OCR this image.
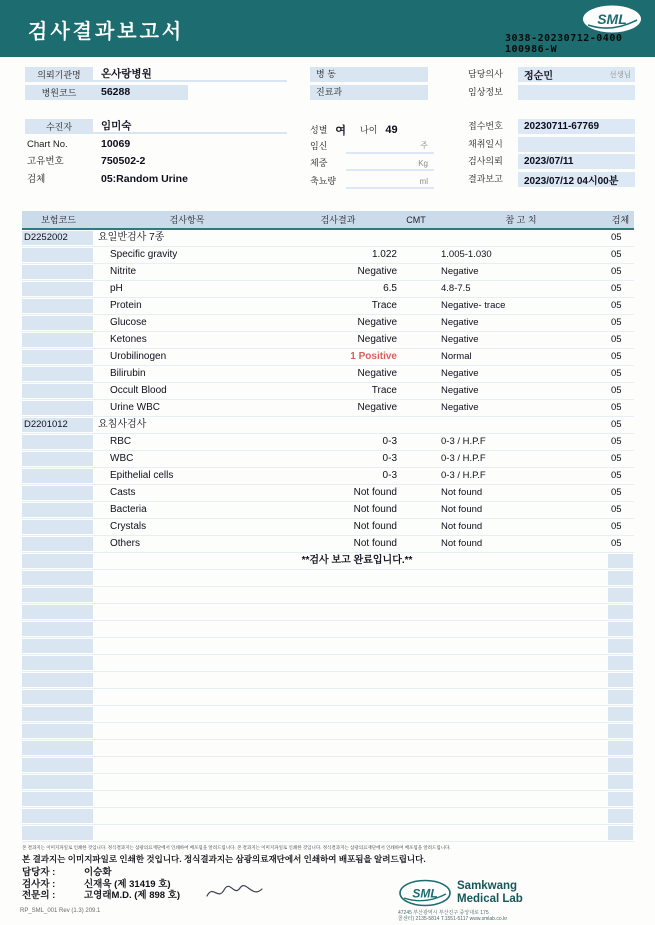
검사결과보고서
SML
3038-20230712-0400
100986-W
의뢰기관명	온사랑병원
병원코드	56288
병 동
진료과
담당의사	정순민	선생님
임상정보
수진자	임미숙
Chart No.	10069
고유번호	750502-2
검체	05:Random Urine
성별 여 나이 49
임신	주
체중	Kg
축뇨량	ml
접수번호	20230711-67769
채취일시
검사의뢰	2023/07/11
결과보고	2023/07/12 04시00분
보험코드	검사항목	검사결과	CMT	참 고 치	검체
D2252002	요일반검사 7종	05
Specific gravity	1.022	1.005-1.030	05
Nitrite	Negative	Negative	05
pH	6.5	4.8-7.5	05
Protein	Trace	Negative- trace	05
Glucose	Negative	Negative	05
Ketones	Negative	Negative	05
Urobilinogen	1 Positive	Normal	05
Bilirubin	Negative	Negative	05
Occult Blood	Trace	Negative	05
Urine WBC	Negative	Negative	05
D2201012	요침사검사	05
RBC	0-3	0-3 / H.P.F	05
WBC	0-3	0-3 / H.P.F	05
Epithelial cells	0-3	0-3 / H.P.F	05
Casts	Not found	Not found	05
Bacteria	Not found	Not found	05
Crystals	Not found	Not found	05
Others	Not found	Not found	05
**검사 보고 완료입니다.**
본 결과지는 이미지파일로 인쇄한 것입니다. 정식결과지는 삼광의료재단에서 인쇄하여 배포됨을 알려드립니다. 본 결과지는 이미지파일로 인쇄한 것입니다. 정식결과지는 삼광의료재단에서 인쇄하여 배포됨을 알려드립니다.
본 결과지는 이미지파일로 인쇄한 것입니다. 정식결과지는 삼광의료재단에서 인쇄하여 배포됨을 알려드립니다.
담당자 :	이승화
검사자 :	신재욱 (제 31419 호)
전문의 :	고영래M.D. (제 898 호)	SML
Samkwang
Medical Lab
47245 부산광역시 부산진구 중앙대로 175
콜센터) 2135-5814 T.1551-5117 www.smlab.co.kr
RP_SML_001 Rev (1.3) 209.1
